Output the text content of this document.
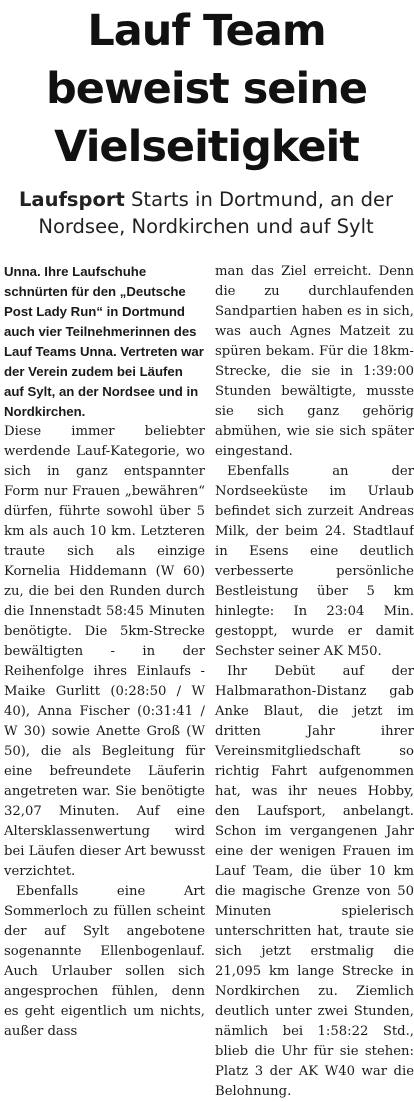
Lauf Team
beweist seine
Vielseitigkeit
Laufsport Starts in Dortmund, an der
Nordsee, Nordkirchen und auf Sylt

Unna. Ihre Laufschuhe schnürten für den „Deutsche Post Lady Run“ in Dortmund auch vier Teilnehmerinnen des Lauf Teams Unna. Vertreten war der Verein zudem bei Läufen auf Sylt, an der Nordsee und in Nordkirchen.

Diese immer beliebter werdende Lauf-Kategorie, wo sich in ganz entspannter Form nur Frauen „bewähren“ dürfen, führte sowohl über 5 km als auch 10 km. Letzteren traute sich als einzige Kornelia Hiddemann (W 60) zu, die bei den Runden durch die Innenstadt 58:45 Minuten benötigte. Die 5km-Strecke bewältigten - in der Reihenfolge ihres Einlaufs - Maike Gurlitt (0:28:50 / W 40), Anna Fischer (0:31:41 / W 30) sowie Anette Groß (W 50), die als Begleitung für eine befreundete Läuferin angetreten war. Sie benötigte 32,07 Minuten. Auf eine Altersklassenwertung wird bei Läufen dieser Art bewusst verzichtet.

Ebenfalls eine Art Sommerloch zu füllen scheint der auf Sylt angebotene sogenannte Ellenbogenlauf. Auch Urlauber sollen sich angesprochen fühlen, denn es geht eigentlich um nichts, außer dass

man das Ziel erreicht. Denn die zu durchlaufenden Sandpartien haben es in sich, was auch Agnes Matzeit zu spüren bekam. Für die 18km-Strecke, die sie in 1:39:00 Stunden bewältigte, musste sie sich ganz gehörig abmühen, wie sie sich später eingestand.

Ebenfalls an der Nordseeküste im Urlaub befindet sich zurzeit Andreas Milk, der beim 24. Stadtlauf in Esens eine deutlich verbesserte persönliche Bestleistung über 5 km hinlegte: In 23:04 Min. gestoppt, wurde er damit Sechster seiner AK M50.

Ihr Debüt auf der Halbmarathon-Distanz gab Anke Blaut, die jetzt im dritten Jahr ihrer Vereinsmitgliedschaft so richtig Fahrt aufgenommen hat, was ihr neues Hobby, den Laufsport, anbelangt. Schon im vergangenen Jahr eine der wenigen Frauen im Lauf Team, die über 10 km die magische Grenze von 50 Minuten spielerisch unterschritten hat, traute sie sich jetzt erstmalig die 21,095 km lange Strecke in Nordkirchen zu. Ziemlich deutlich unter zwei Stunden, nämlich bei 1:58:22 Std., blieb die Uhr für sie stehen: Platz 3 der AK W40 war die Belohnung.
